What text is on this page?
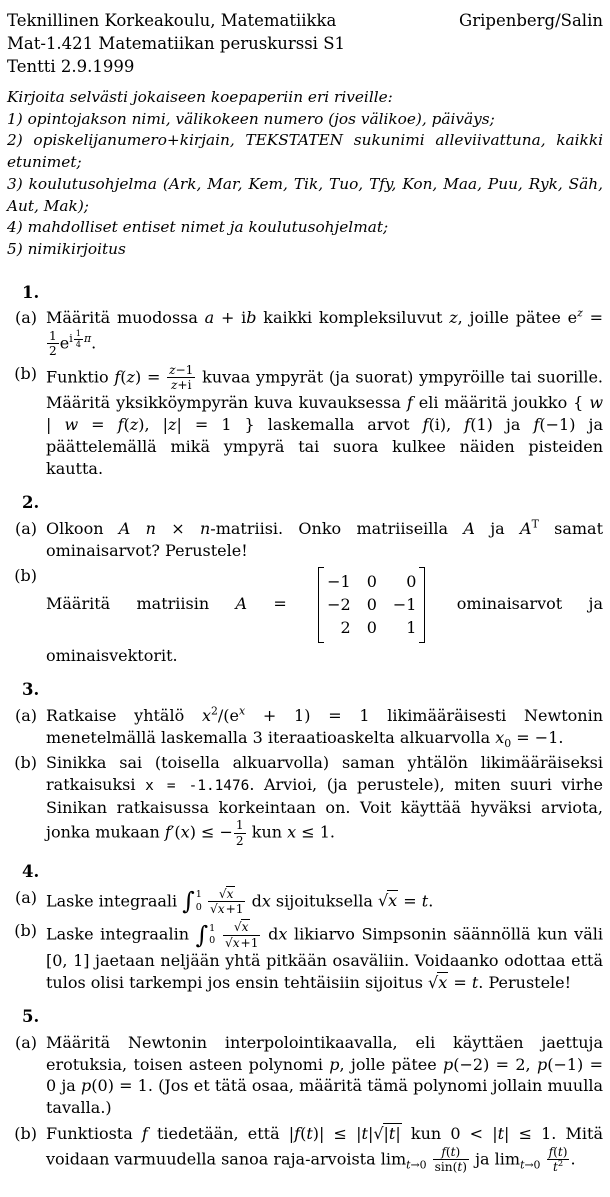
Teknillinen Korkeakoulu, Matematiikka	Gripenberg/Salin
Mat-1.421 Matematiikan peruskurssi S1
Tentti 2.9.1999
Kirjoita selvästi jokaiseen koepaperiin eri riveille:
1) opintojakson nimi, välikokeen numero (jos välikoe), päiväys;
2) opiskelijanumero+kirjain, TEKSTATEN sukunimi alleviivattuna, kaikki etunimet;
3) koulutusohjelma (Ark, Mar, Kem, Tik, Tuo, Tfy, Kon, Maa, Puu, Ryk, Säh, Aut, Mak);
4) mahdolliset entiset nimet ja koulutusohjelmat;
5) nimikirjoitus
1.
(a) Määritä muodossa a + ib kaikki kompleksiluvut z, joille pätee $e^z$ =
$\frac{1}{2} e^{i \frac{1}{4} \pi}$.
(b) Funktio $f(z) = \frac{z-1}{z+i}$ kuvaa ympyrät (ja suorat) ympyröille tai suorille. Määritä yksikköympyrän kuva kuvauksessa f eli määritä joukko { w | w = f(z), |z| = 1 } laskemalla arvot f(i), f(1) ja f(−1) ja päättelemällä mikä ympyrä tai suora kulkee näiden pisteiden kautta.
2.
(a) Olkoon A n × n-matriisi. Onko matriiseilla A ja $A^T$ samat ominaisarvot? Perustele!
(b)
Määritä matriisin A =
−1 0	0
−2 0 −1
2 0	1
ominaisarvot ja ominaisvektorit.
3.
(a) Ratkaise yhtälö $x^2/(e^x + 1) = 1$ likimääräisesti Newtonin menetelmällä laskemalla 3 iteraatioaskelta alkuarvolla $x_0 = -1$.
(b) Sinikka sai (toisella alkuarvolla) saman yhtälön likimääräiseksi ratkaisuksi x = -1.1476. Arvioi, (ja perustele), miten suuri virhe Sinikan ratkaisussa korkeintaan on. Voit käyttää hyväksi arviota, jonka mukaan f′(x) ≤ − $\frac{1}{2}$ kun x ≤ 1.
4.
(a) Laske integraali ∫ 1
0
$\frac{√x}{√x+1}$ dx sijoituksella √x = t.
(b) Laske integraalin ∫ 1
0
$\frac{√x}{√x+1}$ dx likiarvo Simpsonin säännöllä kun väli [0, 1] jaetaan neljään yhtä pitkään osaväliin. Voidaanko odottaa että tulos olisi tarkempi jos ensin tehtäisiin sijoitus √x = t. Perustele!
5.
(a) Määritä Newtonin interpolointikaavalla, eli käyttäen jaettuja erotuksia, toisen asteen polynomi p, jolle pätee p(−2) = 2, p(−1) = 0 ja p(0) = 1. (Jos et tätä osaa, määritä tämä polynomi jollain muulla tavalla.)
(b) Funktiosta f tiedetään, että |f(t)| ≤ |t|√|t| kun 0 < |t| ≤ 1. Mitä voidaan varmuudella sanoa raja-arvoista $\lim_{t\to 0} \frac{f(t)}{\sin(t)}$ ja $\lim_{t\to 0} \frac{f(t)}{t^2}$ .
